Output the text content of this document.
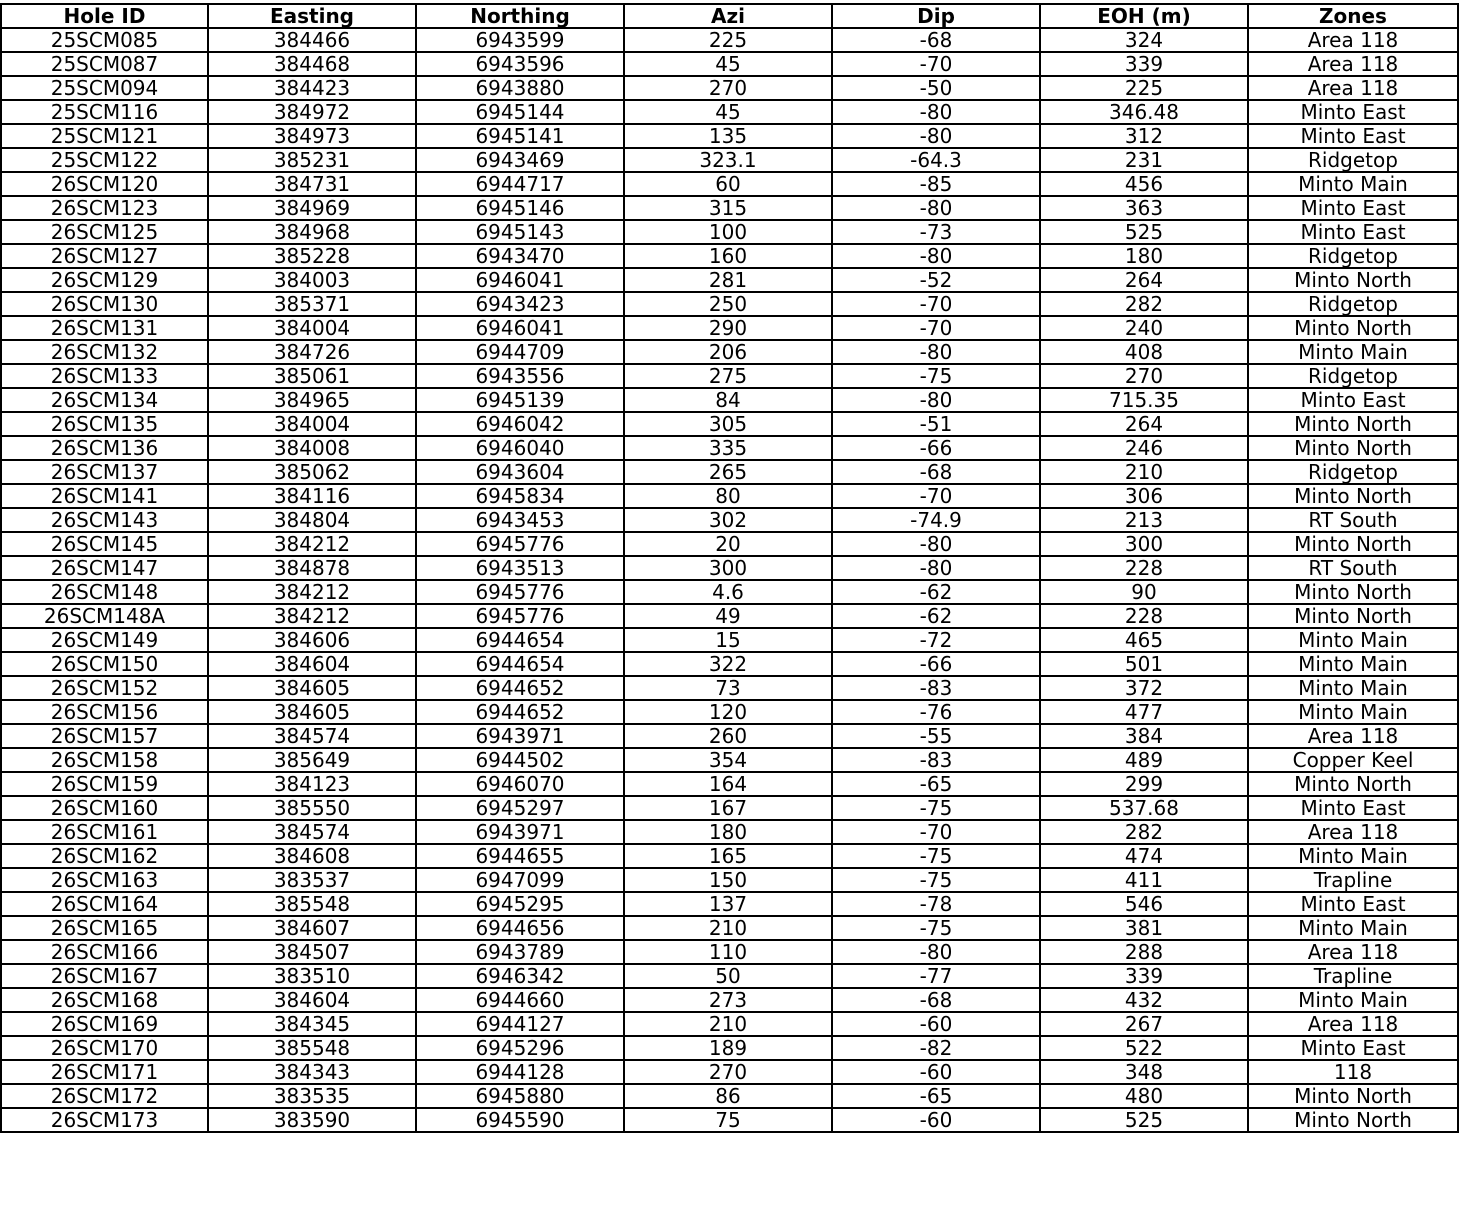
Hole ID	Easting	Northing	Azi	Dip	EOH (m)	Zones
25SCM085	384466	6943599	225	-68	324	Area 118
25SCM087	384468	6943596	45	-70	339	Area 118
25SCM094	384423	6943880	270	-50	225	Area 118
25SCM116	384972	6945144	45	-80	346.48	Minto East
25SCM121	384973	6945141	135	-80	312	Minto East
25SCM122	385231	6943469	323.1	-64.3	231	Ridgetop
26SCM120	384731	6944717	60	-85	456	Minto Main
26SCM123	384969	6945146	315	-80	363	Minto East
26SCM125	384968	6945143	100	-73	525	Minto East
26SCM127	385228	6943470	160	-80	180	Ridgetop
26SCM129	384003	6946041	281	-52	264	Minto North
26SCM130	385371	6943423	250	-70	282	Ridgetop
26SCM131	384004	6946041	290	-70	240	Minto North
26SCM132	384726	6944709	206	-80	408	Minto Main
26SCM133	385061	6943556	275	-75	270	Ridgetop
26SCM134	384965	6945139	84	-80	715.35	Minto East
26SCM135	384004	6946042	305	-51	264	Minto North
26SCM136	384008	6946040	335	-66	246	Minto North
26SCM137	385062	6943604	265	-68	210	Ridgetop
26SCM141	384116	6945834	80	-70	306	Minto North
26SCM143	384804	6943453	302	-74.9	213	RT South
26SCM145	384212	6945776	20	-80	300	Minto North
26SCM147	384878	6943513	300	-80	228	RT South
26SCM148	384212	6945776	4.6	-62	90	Minto North
26SCM148A	384212	6945776	49	-62	228	Minto North
26SCM149	384606	6944654	15	-72	465	Minto Main
26SCM150	384604	6944654	322	-66	501	Minto Main
26SCM152	384605	6944652	73	-83	372	Minto Main
26SCM156	384605	6944652	120	-76	477	Minto Main
26SCM157	384574	6943971	260	-55	384	Area 118
26SCM158	385649	6944502	354	-83	489	Copper Keel
26SCM159	384123	6946070	164	-65	299	Minto North
26SCM160	385550	6945297	167	-75	537.68	Minto East
26SCM161	384574	6943971	180	-70	282	Area 118
26SCM162	384608	6944655	165	-75	474	Minto Main
26SCM163	383537	6947099	150	-75	411	Trapline
26SCM164	385548	6945295	137	-78	546	Minto East
26SCM165	384607	6944656	210	-75	381	Minto Main
26SCM166	384507	6943789	110	-80	288	Area 118
26SCM167	383510	6946342	50	-77	339	Trapline
26SCM168	384604	6944660	273	-68	432	Minto Main
26SCM169	384345	6944127	210	-60	267	Area 118
26SCM170	385548	6945296	189	-82	522	Minto East
26SCM171	384343	6944128	270	-60	348	118
26SCM172	383535	6945880	86	-65	480	Minto North
26SCM173	383590	6945590	75	-60	525	Minto North
